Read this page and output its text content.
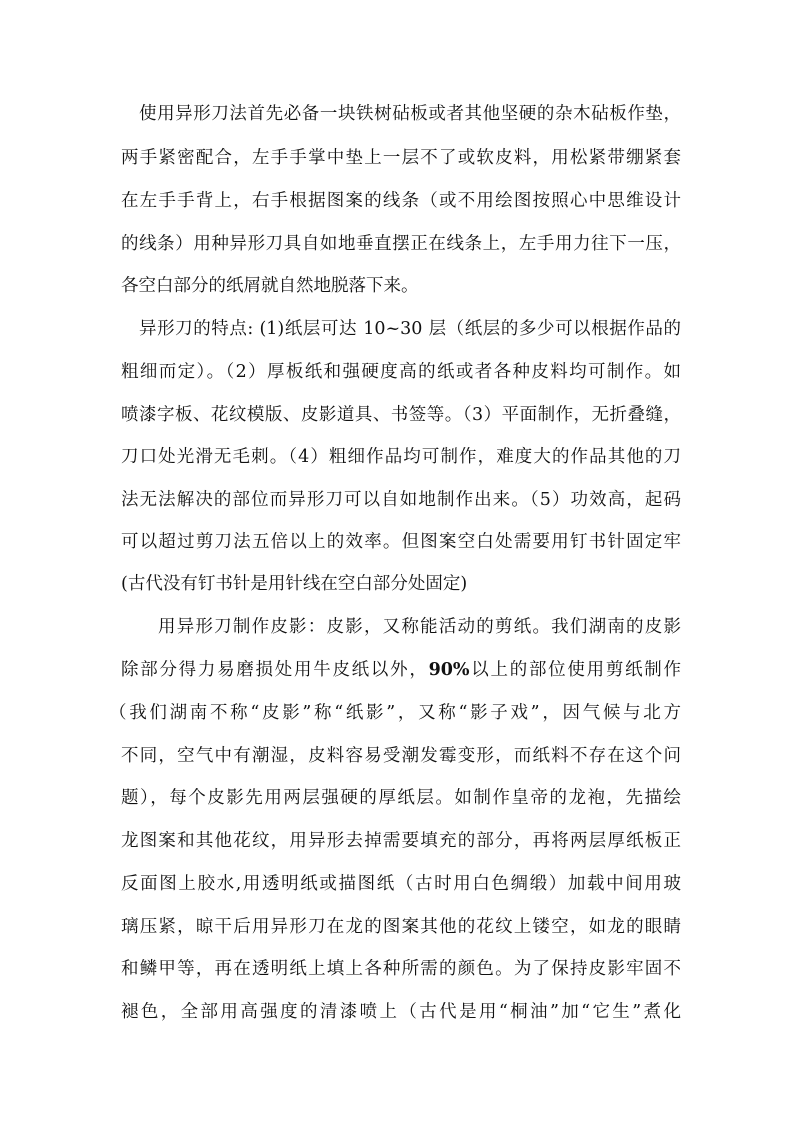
使用异形刀法首先必备一块铁树砧板或者其他坚硬的杂木砧板作垫，

两手紧密配合，左手手掌中垫上一层不了或软皮料，用松紧带绷紧套

在左手手背上，右手根据图案的线条（或不用绘图按照心中思维设计

的线条）用种异形刀具自如地垂直摆正在线条上，左手用力往下一压，

各空白部分的纸屑就自然地脱落下来。

异形刀的特点: (1)纸层可达 10~30 层（纸层的多少可以根据作品的

粗细而定）。（2）厚板纸和强硬度高的纸或者各种皮料均可制作。如

喷漆字板、花纹模版、皮影道具、书签等。（3）平面制作，无折叠缝，

刀口处光滑无毛刺。（4）粗细作品均可制作，难度大的作品其他的刀

法无法解决的部位而异形刀可以自如地制作出来。（5）功效高，起码

可以超过剪刀法五倍以上的效率。但图案空白处需要用钉书针固定牢

(古代没有钉书针是用针线在空白部分处固定)

用异形刀制作皮影：皮影，又称能活动的剪纸。我们湖南的皮影

除部分得力易磨损处用牛皮纸以外，90%以上的部位使用剪纸制作

（我们湖南不称“皮影”称“纸影”，又称“影子戏”，因气候与北方

不同，空气中有潮湿，皮料容易受潮发霉变形，而纸料不存在这个问

题），每个皮影先用两层强硬的厚纸层。如制作皇帝的龙袍，先描绘

龙图案和其他花纹，用异形去掉需要填充的部分，再将两层厚纸板正

反面图上胶水,用透明纸或描图纸（古时用白色绸缎）加载中间用玻

璃压紧，晾干后用异形刀在龙的图案其他的花纹上镂空，如龙的眼睛

和鳞甲等，再在透明纸上填上各种所需的颜色。为了保持皮影牢固不

褪色，全部用高强度的清漆喷上（古代是用“桐油”加“它生”煮化
